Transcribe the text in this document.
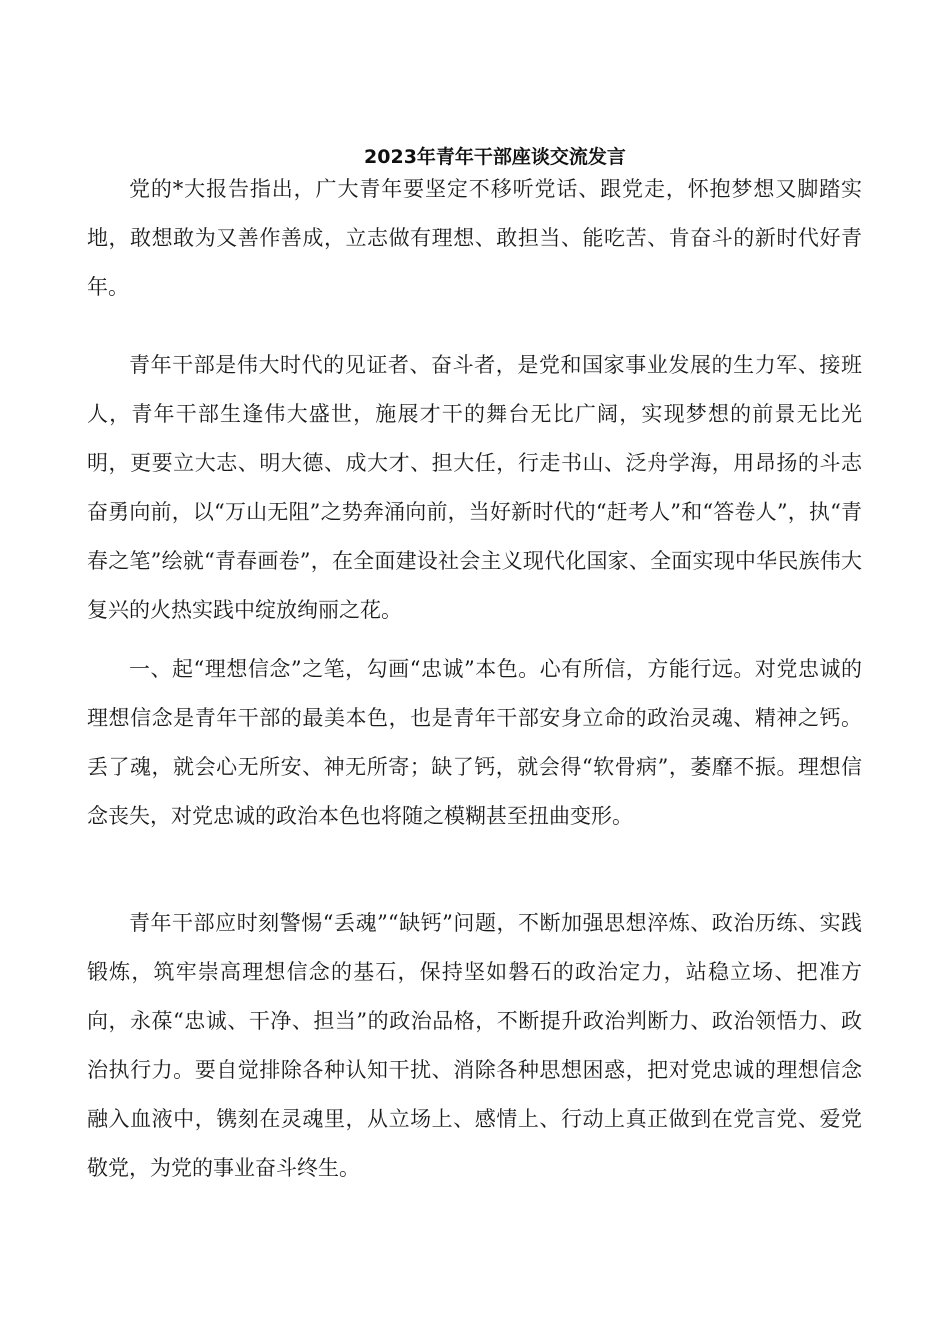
2023年青年干部座谈交流发言

党的*大报告指出，广大青年要坚定不移听党话、跟党走，怀抱梦想又脚踏实地，敢想敢为又善作善成，立志做有理想、敢担当、能吃苦、肯奋斗的新时代好青年。

青年干部是伟大时代的见证者、奋斗者，是党和国家事业发展的生力军、接班人，青年干部生逢伟大盛世，施展才干的舞台无比广阔，实现梦想的前景无比光明，更要立大志、明大德、成大才、担大任，行走书山、泛舟学海，用昂扬的斗志奋勇向前，以“万山无阻”之势奔涌向前，当好新时代的“赶考人”和“答卷人”，执“青春之笔”绘就“青春画卷”，在全面建设社会主义现代化国家、全面实现中华民族伟大复兴的火热实践中绽放绚丽之花。

一、起“理想信念”之笔，勾画“忠诚”本色。心有所信，方能行远。对党忠诚的理想信念是青年干部的最美本色，也是青年干部安身立命的政治灵魂、精神之钙。丢了魂，就会心无所安、神无所寄；缺了钙，就会得“软骨病”，萎靡不振。理想信念丧失，对党忠诚的政治本色也将随之模糊甚至扭曲变形。

青年干部应时刻警惕“丢魂”“缺钙”问题，不断加强思想淬炼、政治历练、实践锻炼，筑牢崇高理想信念的基石，保持坚如磐石的政治定力，站稳立场、把准方向，永葆“忠诚、干净、担当”的政治品格，不断提升政治判断力、政治领悟力、政治执行力。要自觉排除各种认知干扰、消除各种思想困惑，把对党忠诚的理想信念融入血液中，镌刻在灵魂里，从立场上、感情上、行动上真正做到在党言党、爱党敬党，为党的事业奋斗终生。
